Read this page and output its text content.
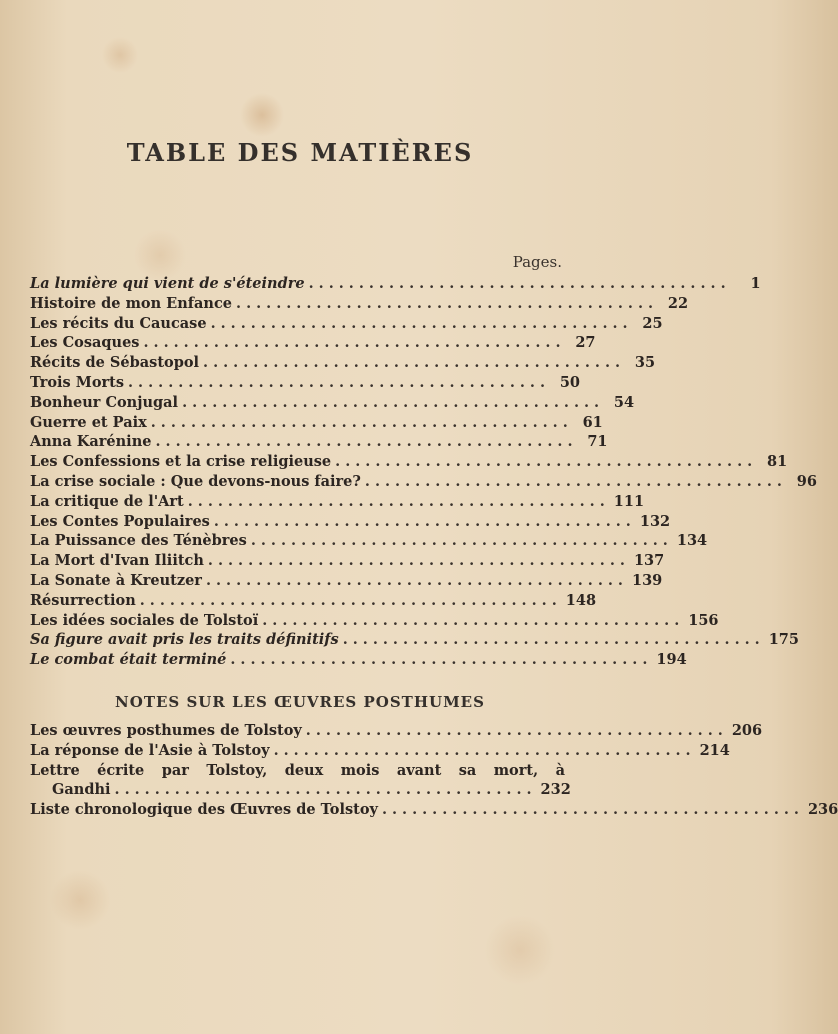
TABLE DES MATIÈRES
Pages.
La lumière qui vient de s'éteindre ..........................................	1
Histoire de mon Enfance .......................................... 22
Les récits du Caucase .......................................... 25
Les Cosaques .......................................... 27
Récits de Sébastopol .......................................... 35
Trois Morts .......................................... 50
Bonheur Conjugal .......................................... 54
Guerre et Paix .......................................... 61
Anna Karénine .......................................... 71
Les Confessions et la crise religieuse .......................................... 81
La crise sociale : Que devons-nous faire? .......................................... 96
La critique de l'Art .......................................... 111
Les Contes Populaires .......................................... 132
La Puissance des Ténèbres .......................................... 134
La Mort d'Ivan Iliitch .......................................... 137
La Sonate à Kreutzer .......................................... 139
Résurrection .......................................... 148
Les idées sociales de Tolstoï .......................................... 156
Sa figure avait pris les traits définitifs .......................................... 175
Le combat était terminé .......................................... 194
NOTES SUR LES ŒUVRES POSTHUMES
Les œuvres posthumes de Tolstoy .......................................... 206
La réponse de l'Asie à Tolstoy .......................................... 214
Lettre écrite par Tolstoy, deux mois avant sa mort, à
Gandhi .......................................... 232
Liste chronologique des Œuvres de Tolstoy .......................................... 236
